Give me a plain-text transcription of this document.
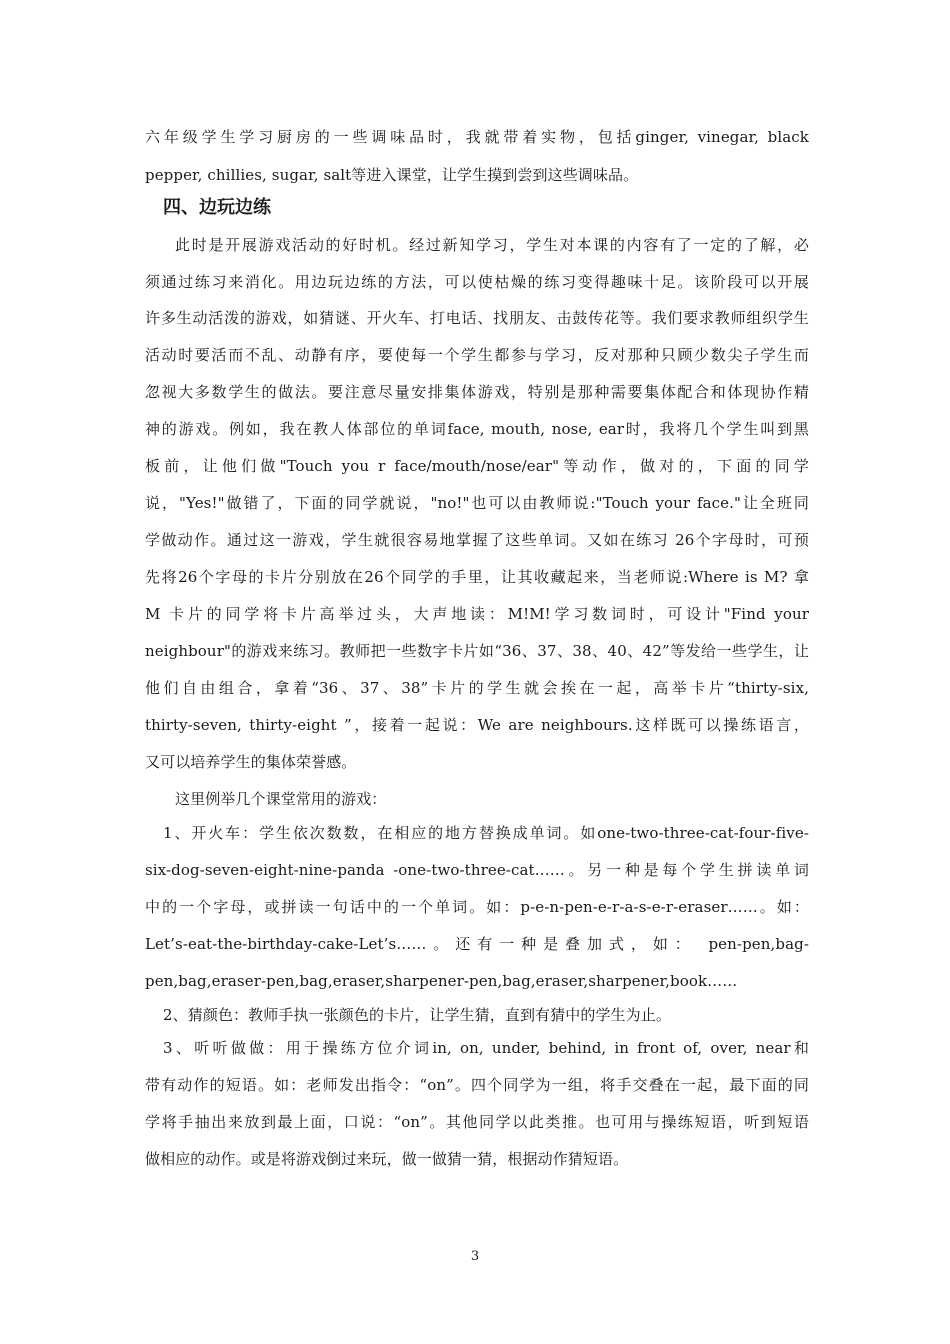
六年级学生学习厨房的一些调味品时，我就带着实物，包括ginger, vinegar, black
pepper, chillies, sugar, salt等进入课堂，让学生摸到尝到这些调味品。
四、边玩边练
此时是开展游戏活动的好时机。经过新知学习，学生对本课的内容有了一定的了解，必
须通过练习来消化。用边玩边练的方法，可以使枯燥的练习变得趣味十足。该阶段可以开展
许多生动活泼的游戏，如猜谜、开火车、打电话、找朋友、击鼓传花等。我们要求教师组织学生
活动时要活而不乱、动静有序，要使每一个学生都参与学习，反对那种只顾少数尖子学生而
忽视大多数学生的做法。要注意尽量安排集体游戏，特别是那种需要集体配合和体现协作精
神的游戏。例如，我在教人体部位的单词face, mouth, nose, ear时，我将几个学生叫到黑
板前，让他们做"Touch you r face/mouth/nose/ear"等动作，做对的，下面的同学
说，"Yes!"做错了，下面的同学就说，"no!"也可以由教师说:"Touch your face."让全班同
学做动作。通过这一游戏，学生就很容易地掌握了这些单词。又如在练习 26个字母时，可预
先将26个字母的卡片分别放在26个同学的手里，让其收藏起来，当老师说:Where is M? 拿
M 卡片的同学将卡片高举过头，大声地读：M!M!学习数词时，可设计"Find your
neighbour"的游戏来练习。教师把一些数字卡片如“36、37、38、40、42”等发给一些学生，让
他们自由组合，拿着“36、37、38”卡片的学生就会挨在一起，高举卡片“thirty-six,
thirty-seven, thirty-eight ”，接着一起说：We are neighbours.这样既可以操练语言，
又可以培养学生的集体荣誉感。
这里例举几个课堂常用的游戏：
1、开火车：学生依次数数，在相应的地方替换成单词。如one-two-three-cat-four-five-
six-dog-seven-eight-nine-panda -one-two-three-cat……。另一种是每个学生拼读单词
中的一个字母，或拼读一句话中的一个单词。如：p-e-n-pen-e-r-a-s-e-r-eraser……。如：
Let’s-eat-the-birthday-cake-Let’s……。还有一种是叠加式，如： pen-pen,bag-
pen,bag,eraser-pen,bag,eraser,sharpener-pen,bag,eraser,sharpener,book……
2、猜颜色：教师手执一张颜色的卡片，让学生猜，直到有猜中的学生为止。
3、听听做做：用于操练方位介词in, on, under, behind, in front of, over, near和
带有动作的短语。如：老师发出指令：“on”。四个同学为一组，将手交叠在一起，最下面的同
学将手抽出来放到最上面，口说：“on”。其他同学以此类推。也可用与操练短语，听到短语
做相应的动作。或是将游戏倒过来玩，做一做猜一猜，根据动作猜短语。
3
